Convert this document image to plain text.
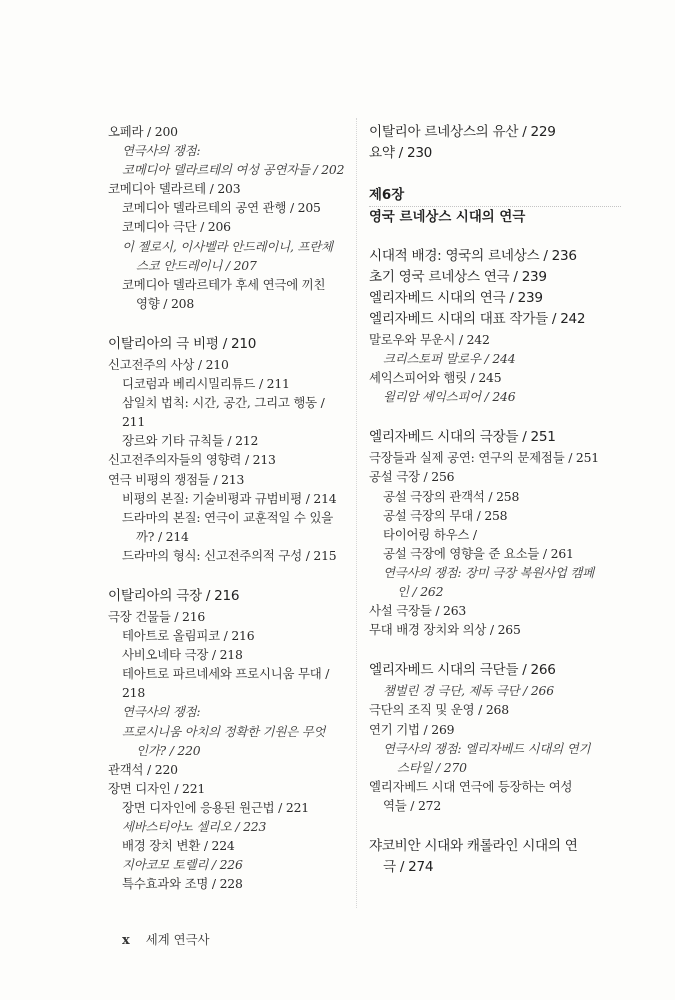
오페라 / 200
연극사의 쟁점:
코메디아 델라르테의 여성 공연자들 / 202
코메디아 델라르테 / 203
코메디아 델라르테의 공연 관행 / 205
코메디아 극단 / 206
이 젤로시, 이사벨라 안드레이니, 프란체
스코 안드레이니 / 207
코메디아 델라르테가 후세 연극에 끼친
영향 / 208
이탈리아의 극 비평 / 210
신고전주의 사상 / 210
디코럼과 베리시밀리튜드 / 211
삼일치 법칙: 시간, 공간, 그리고 행동 / 211
장르와 기타 규칙들 / 212
신고전주의자들의 영향력 / 213
연극 비평의 쟁점들 / 213
비평의 본질: 기술비평과 규범비평 / 214
드라마의 본질: 연극이 교훈적일 수 있을
까? / 214
드라마의 형식: 신고전주의적 구성 / 215
이탈리아의 극장 / 216
극장 건물들 / 216
테아트로 올림피코 / 216
사비오네타 극장 / 218
테아트로 파르네세와 프로시니움 무대 / 218
연극사의 쟁점:
프로시니움 아치의 정확한 기원은 무엇
인가? / 220
관객석 / 220
장면 디자인 / 221
장면 디자인에 응용된 원근법 / 221
세바스티아노 셀리오 / 223
배경 장치 변환 / 224
지아코모 토렐리 / 226
특수효과와 조명 / 228
이탈리아 르네상스의 유산 / 229
요약 / 230
제6장
영국 르네상스 시대의 연극
시대적 배경: 영국의 르네상스 / 236
초기 영국 르네상스 연극 / 239
엘리자베드 시대의 연극 / 239
엘리자베드 시대의 대표 작가들 / 242
말로우와 무운시 / 242
크리스토퍼 말로우 / 244
셰익스피어와 햄릿 / 245
윌리암 셰익스피어 / 246
엘리자베드 시대의 극장들 / 251
극장들과 실제 공연: 연구의 문제점들 / 251
공설 극장 / 256
공설 극장의 관객석 / 258
공설 극장의 무대 / 258
타이어링 하우스 /
공설 극장에 영향을 준 요소들 / 261
연극사의 쟁점: 장미 극장 복원사업 캠페
인 / 262
사설 극장들 / 263
무대 배경 장치와 의상 / 265
엘리자베드 시대의 극단들 / 266
챔벌린 경 극단, 제독 극단 / 266
극단의 조직 및 운영 / 268
연기 기법 / 269
연극사의 쟁점: 엘리자베드 시대의 연기
스타일 / 270
엘리자베드 시대 연극에 등장하는 여성
역들 / 272
쟈코비안 시대와 캐롤라인 시대의 연
극 / 274
x 세계 연극사
